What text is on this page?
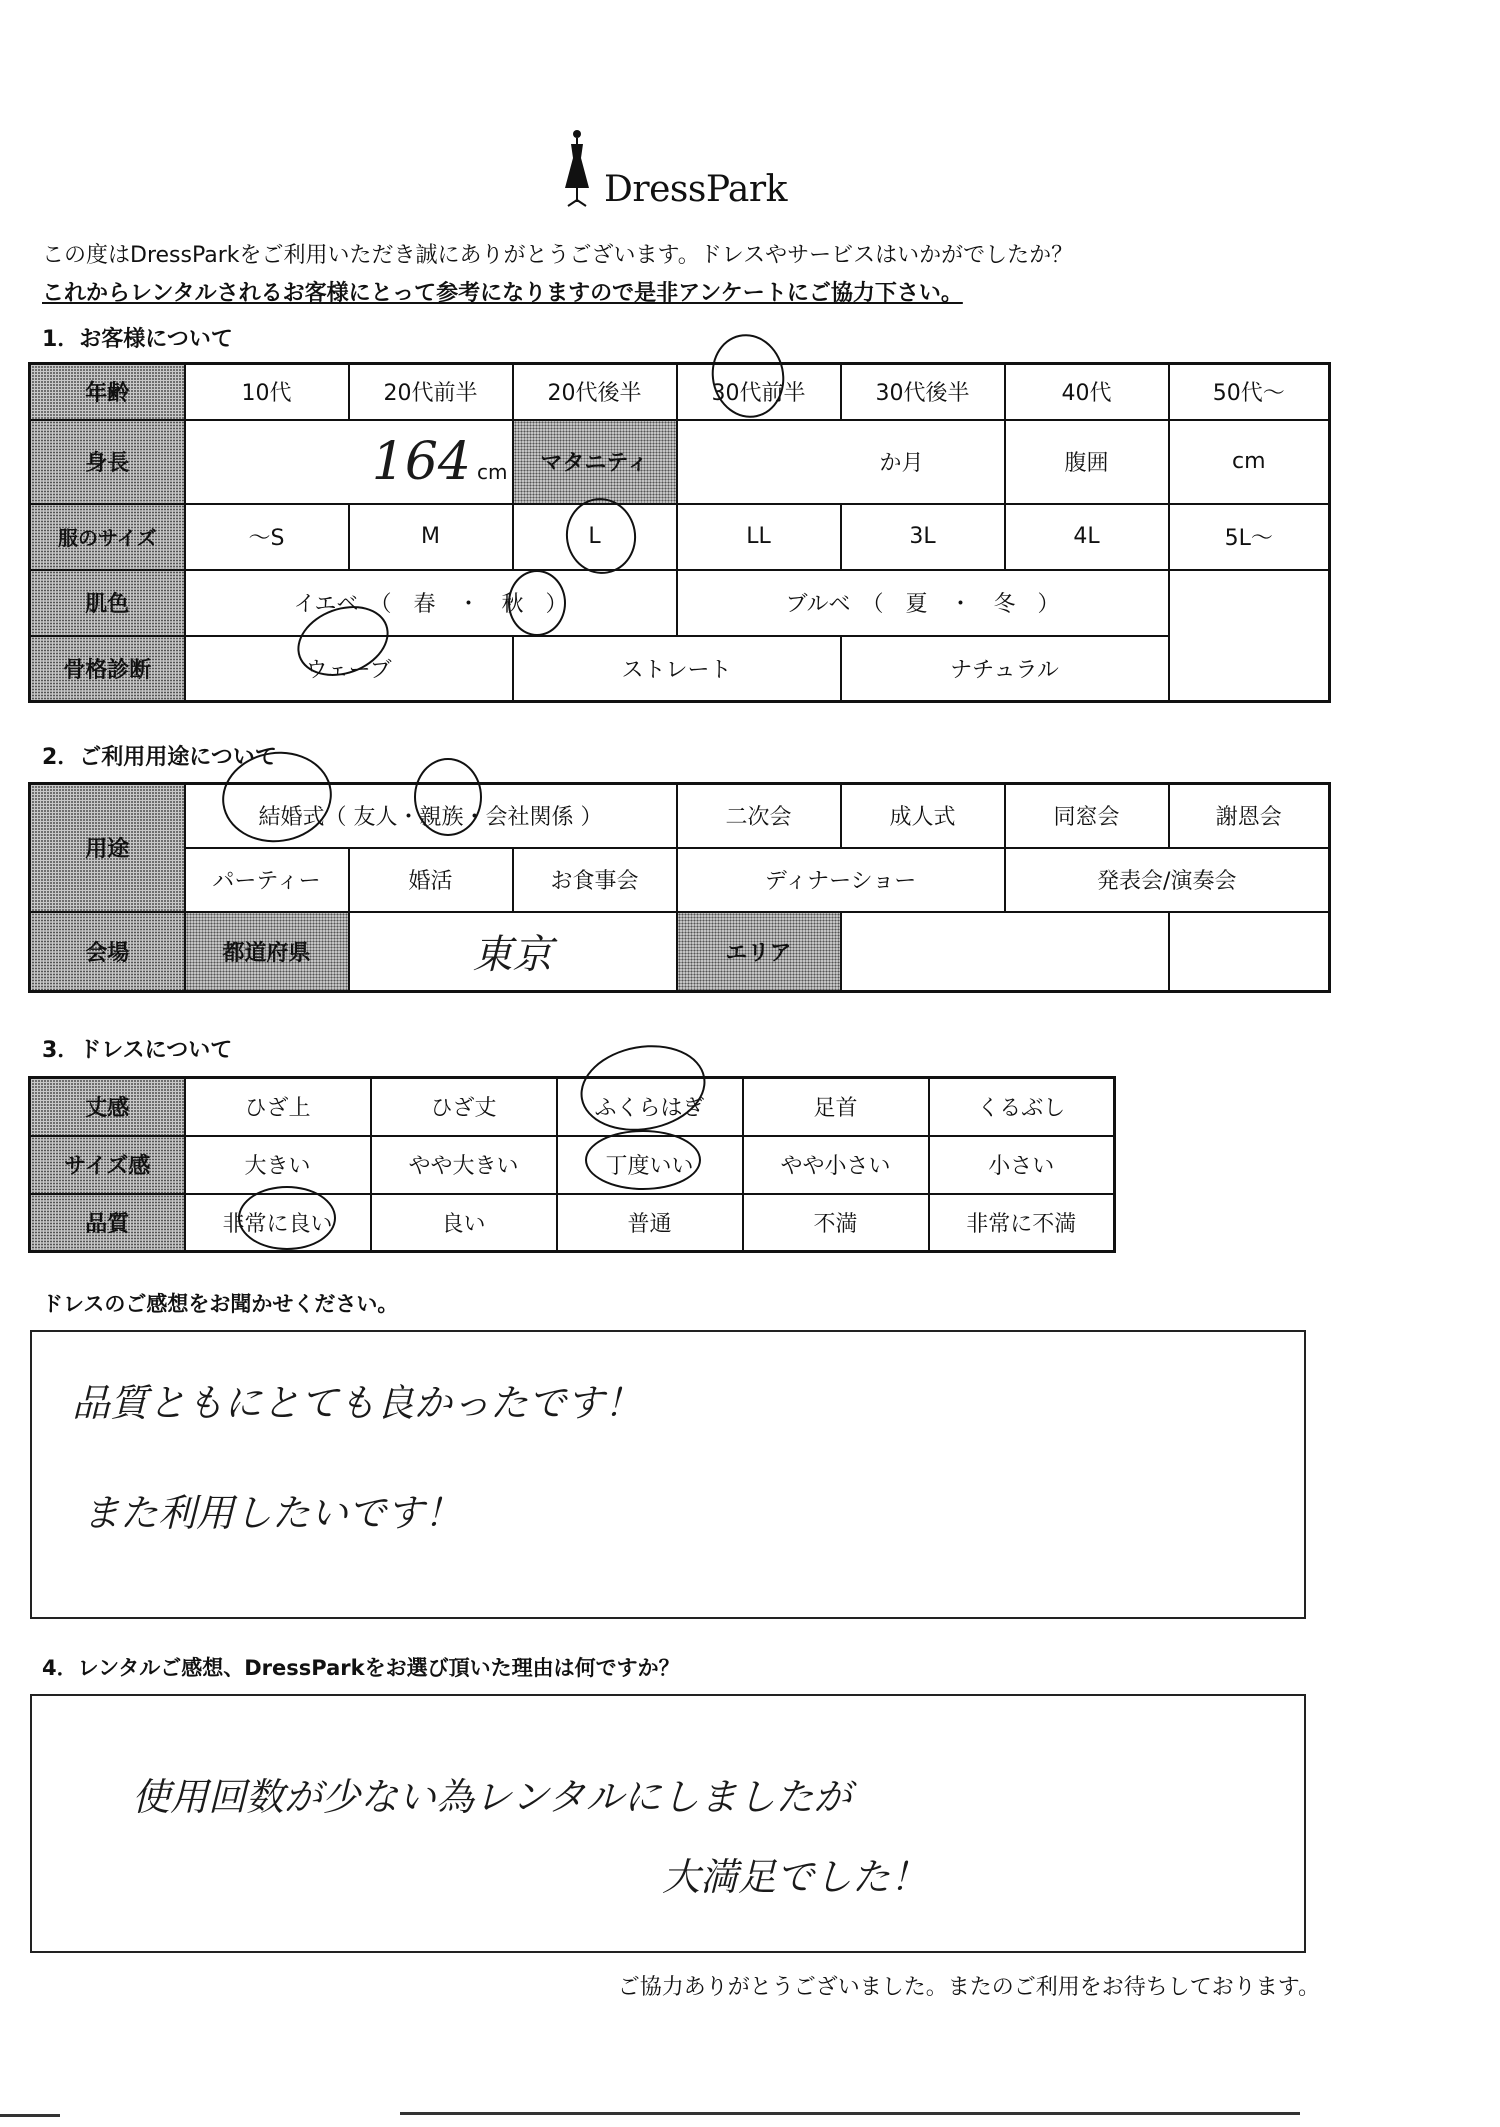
DressPark
この度はDressParkをご利用いただき誠にありがとうございます。ドレスやサービスはいかがでしたか？
これからレンタルされるお客様にとって参考になりますので是非アンケートにご協力下さい。
1．お客様について
年齢	10代	20代前半	20代後半	30代前半	30代後半	40代	50代～
身長	164 cm		マタニティ	か月		腹囲	cm
服のサイズ	～S	M	L	LL	3L	4L	5L～
肌色	イエベ　（　春　・　秋　）			ブルベ　（　夏　・　冬　）			
骨格診断	ウェーブ		ストレート		ナチュラル		
2．ご利用用途について
用途	結婚式（ 友人・親族・会社関係 ）			二次会	成人式	同窓会	謝恩会
	パーティー	婚活	お食事会	ディナーショー		発表会/演奏会	
会場	都道府県	東京		エリア			
3．ドレスについて
丈感	ひざ上	ひざ丈	ふくらはぎ	足首	くるぶし
サイズ感	大きい	やや大きい	丁度いい	やや小さい	小さい
品質	非常に良い	良い	普通	不満	非常に不満
ドレスのご感想をお聞かせください。
品質ともにとても良かったです！
また利用したいです！
4．レンタルご感想、DressParkをお選び頂いた理由は何ですか？
使用回数が少ない為レンタルにしましたが
大満足でした！
ご協力ありがとうございました。またのご利用をお待ちしております。
